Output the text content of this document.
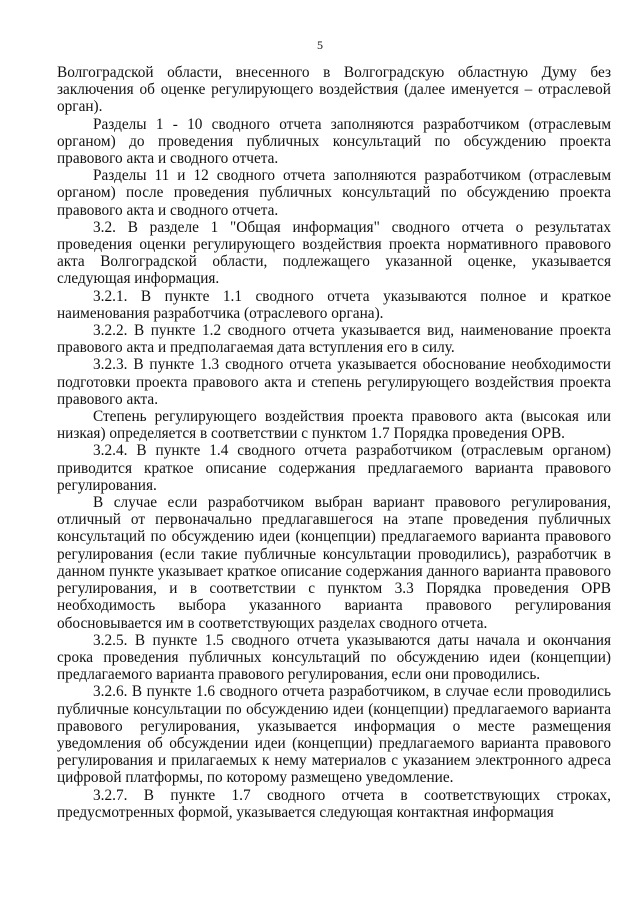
5

Волгоградской области, внесенного в Волгоградскую областную Думу без заключения об оценке регулирующего воздействия (далее именуется – отраслевой орган).

Разделы 1 - 10 сводного отчета заполняются разработчиком (отраслевым органом) до проведения публичных консультаций по обсуждению проекта правового акта и сводного отчета.

Разделы 11 и 12 сводного отчета заполняются разработчиком (отраслевым органом) после проведения публичных консультаций по обсуждению проекта правового акта и сводного отчета.

3.2. В разделе 1 "Общая информация" сводного отчета о результатах проведения оценки регулирующего воздействия проекта нормативного правового акта Волгоградской области, подлежащего указанной оценке, указывается следующая информация.

3.2.1. В пункте 1.1 сводного отчета указываются полное и краткое наименования разработчика (отраслевого органа).

3.2.2. В пункте 1.2 сводного отчета указывается вид, наименование проекта правового акта и предполагаемая дата вступления его в силу.

3.2.3. В пункте 1.3 сводного отчета указывается обоснование необходимости подготовки проекта правового акта и степень регулирующего воздействия проекта правового акта.

Степень регулирующего воздействия проекта правового акта (высокая или низкая) определяется в соответствии с пунктом 1.7 Порядка проведения ОРВ.

3.2.4. В пункте 1.4 сводного отчета разработчиком (отраслевым органом) приводится краткое описание содержания предлагаемого варианта правового регулирования.

В случае если разработчиком выбран вариант правового регулирования, отличный от первоначально предлагавшегося на этапе проведения публичных консультаций по обсуждению идеи (концепции) предлагаемого варианта правового регулирования (если такие публичные консультации проводились), разработчик в данном пункте указывает краткое описание содержания данного варианта правового регулирования, и в соответствии с пунктом 3.3 Порядка проведения ОРВ необходимость выбора указанного варианта правового регулирования обосновывается им в соответствующих разделах сводного отчета.

3.2.5. В пункте 1.5 сводного отчета указываются даты начала и окончания срока проведения публичных консультаций по обсуждению идеи (концепции) предлагаемого варианта правового регулирования, если они проводились.

3.2.6. В пункте 1.6 сводного отчета разработчиком, в случае если проводились публичные консультации по обсуждению идеи (концепции) предлагаемого варианта правового регулирования, указывается информация о месте размещения уведомления об обсуждении идеи (концепции) предлагаемого варианта правового регулирования и прилагаемых к нему материалов с указанием электронного адреса цифровой платформы, по которому размещено уведомление.

3.2.7. В пункте 1.7 сводного отчета в соответствующих строках, предусмотренных формой, указывается следующая контактная информация
